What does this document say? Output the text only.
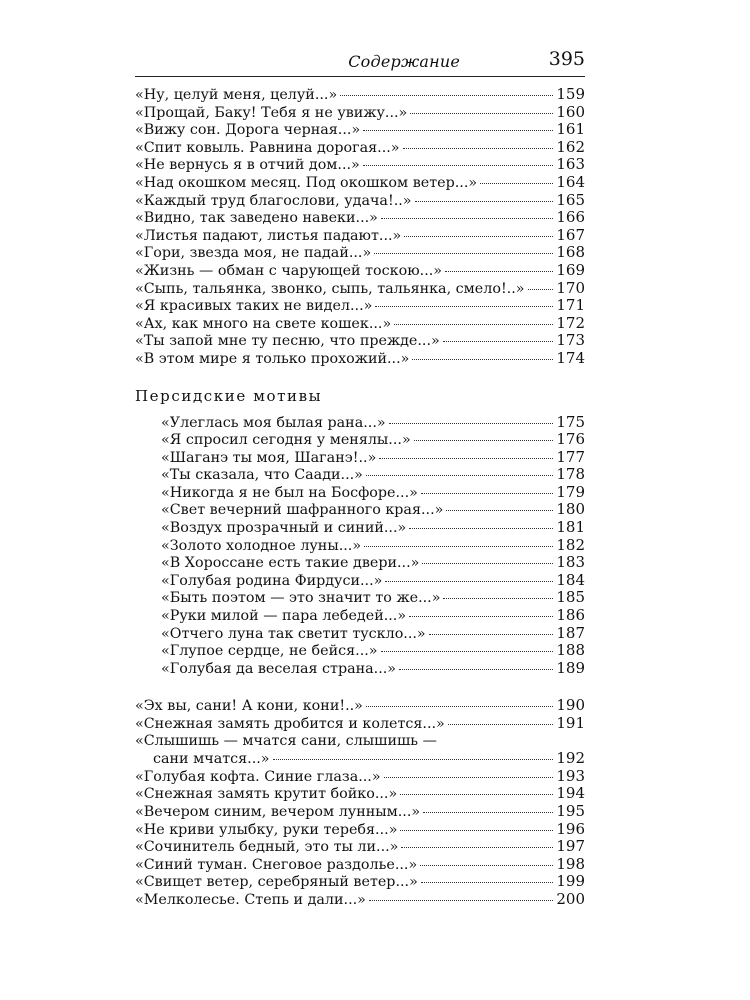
Содержание	395
«Ну, целуй меня, целуй...»	159
«Прощай, Баку! Тебя я не увижу...»	160
«Вижу сон. Дорога черная...»	161
«Спит ковыль. Равнина дорогая...»	162
«Не вернусь я в отчий дом...»	163
«Над окошком месяц. Под окошком ветер...»	164
«Каждый труд благослови, удача!..»	165
«Видно, так заведено навеки...»	166
«Листья падают, листья падают...»	167
«Гори, звезда моя, не падай...»	168
«Жизнь — обман с чарующей тоскою...»	169
«Сыпь, тальянка, звонко, сыпь, тальянка, смело!..» 170
«Я красивых таких не видел...»	171
«Ах, как много на свете кошек...»	172
«Ты запой мне ту песню, что прежде...»	173
«В этом мире я только прохожий...»	174
Персидские мотивы
«Улеглась моя былая рана...»	175
«Я спросил сегодня у менялы...»	176
«Шаганэ ты моя, Шаганэ!..»	177
«Ты сказала, что Саади...»	178
«Никогда я не был на Босфоре...»	179
«Свет вечерний шафранного края...»	180
«Воздух прозрачный и синий...»	181
«Золото холодное луны...»	182
«В Хороссане есть такие двери...»	183
«Голубая родина Фирдуси...»	184
«Быть поэтом — это значит то же...»	185
«Руки милой — пара лебедей...»	186
«Отчего луна так светит тускло...»	187
«Глупое сердце, не бейся...»	188
«Голубая да веселая страна...»	189
«Эх вы, сани! А кони, кони!..»	190
«Снежная замять дробится и колется...»	191
«Слышишь — мчатся сани, слышишь —
сани мчатся...»	192
«Голубая кофта. Синие глаза...»	193
«Снежная замять крутит бойко...»	194
«Вечером синим, вечером лунным...»	195
«Не криви улыбку, руки теребя...»	196
«Сочинитель бедный, это ты ли...»	197
«Синий туман. Снеговое раздолье...»	198
«Свищет ветер, серебряный ветер...»	199
«Мелколесье. Степь и дали...»	200
